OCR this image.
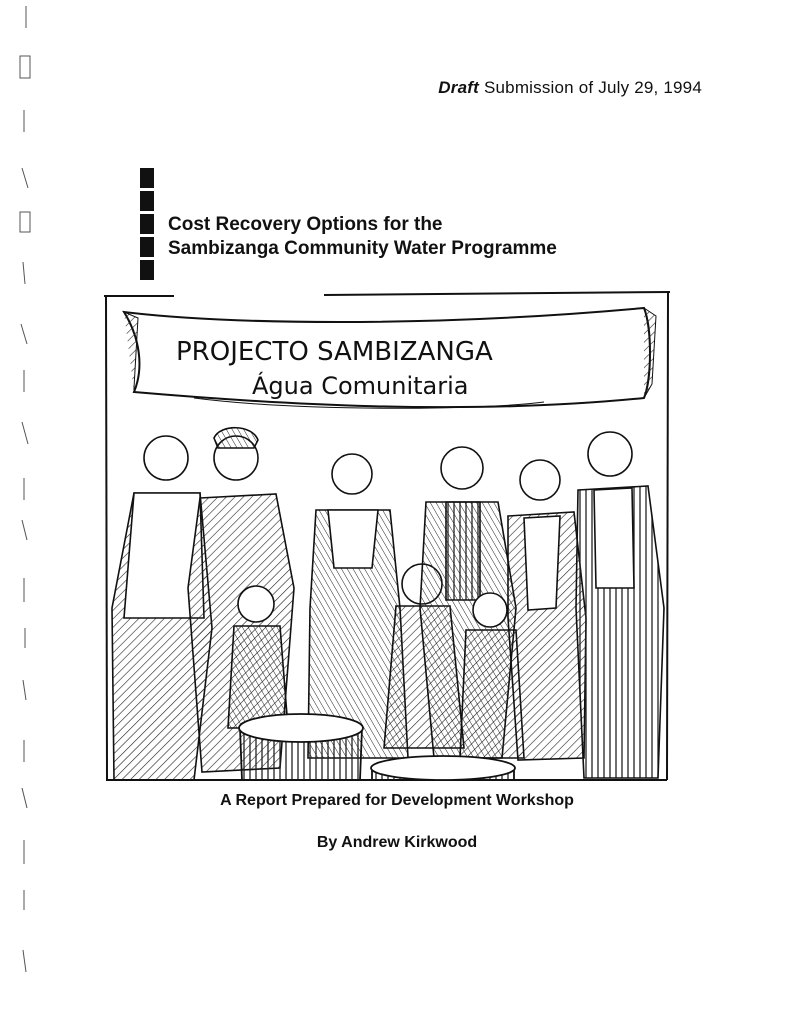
Draft Submission of July 29, 1994
Cost Recovery Options for the
Sambizanga Community Water Programme
PROJECTO SAMBIZANGA
Água Comunitaria
A Report Prepared for Development Workshop
By Andrew Kirkwood
